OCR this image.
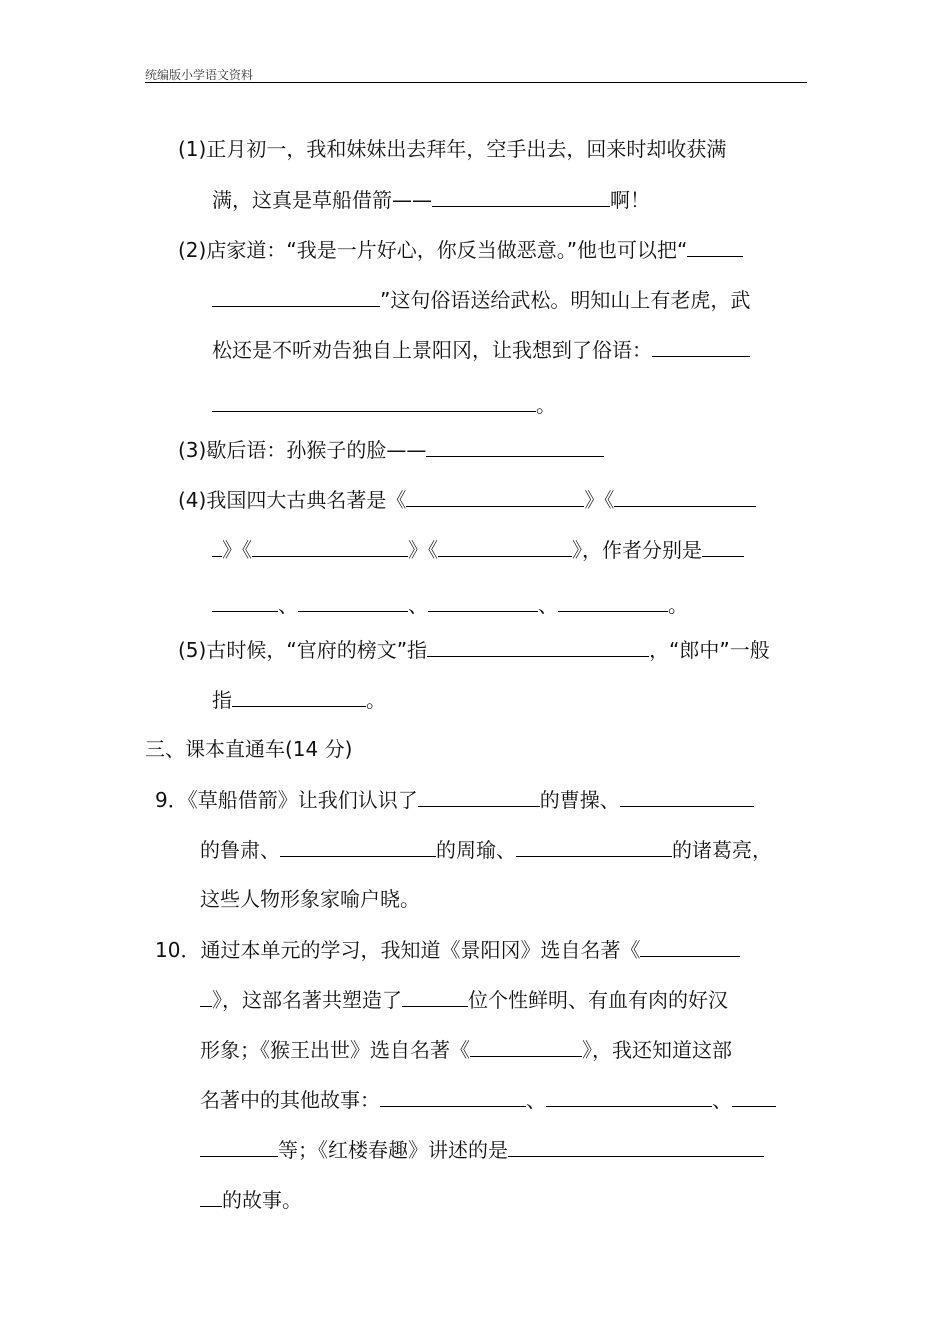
统编版小学语文资料
(1)正月初一，我和妹妹出去拜年，空手出去，回来时却收获满
满，这真是草船借箭——	啊！
(2)店家道：“我是一片好心，你反当做恶意。”他也可以把“
”这句俗语送给武松。明知山上有老虎，武
松还是不听劝告独自上景阳冈，让我想到了俗语：
。
(3)歇后语：孙猴子的脸——
(4)我国四大古典名著是《	》《
》《	》《	》，作者分别是
、	、	、	。
(5)古时候，“官府的榜文”指	，“郎中”一般
指	。
三、课本直通车(14 分)
9．《草船借箭》让我们认识了	的曹操、
的鲁肃、	的周瑜、	的诸葛亮，
这些人物形象家喻户晓。
10．通过本单元的学习，我知道《景阳冈》选自名著《
》，这部名著共塑造了	位个性鲜明、有血有肉的好汉
形象；《猴王出世》选自名著《	》，我还知道这部
名著中的其他故事：	、	、
等；《红楼春趣》讲述的是
的故事。
